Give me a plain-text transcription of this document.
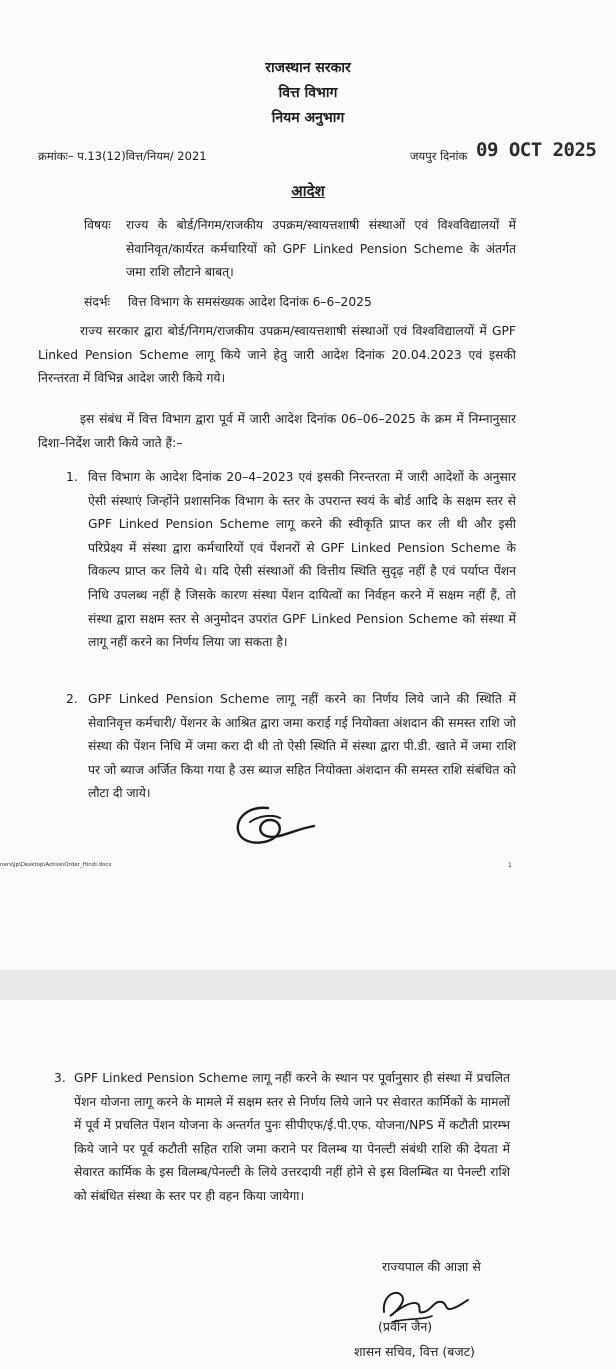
राजस्थान सरकार

वित्त विभाग

नियम अनुभाग

क्रमांकः– प.13(12)वित्त/नियम/ 2021	जयपुर दिनांक 09 OCT 2025

आदेश

विषयः राज्य के बोर्ड/निगम/राजकीय उपक्रम/स्वायत्तशाषी संस्थाओं एवं विश्वविद्यालयों में सेवानिवृत/कार्यरत कर्मचारियों को GPF Linked Pension Scheme के अंतर्गत जमा राशि लौटाने बाबत्।

संदर्भः वित्त विभाग के समसंख्यक आदेश दिनांक 6–6–2025

राज्य सरकार द्वारा बोर्ड/निगम/राजकीय उपक्रम/स्वायत्तशाषी संस्थाओं एवं विश्वविद्यालयों में GPF Linked Pension Scheme लागू किये जाने हेतु जारी आदेश दिनांक 20.04.2023 एवं इसकी निरन्तरता में विभिन्न आदेश जारी किये गये।

इस संबंध में वित्त विभाग द्वारा पूर्व में जारी आदेश दिनांक 06–06–2025 के क्रम में निम्नानुसार दिशा–निर्देश जारी किये जाते हैं:–

1. वित्त विभाग के आदेश दिनांक 20–4–2023 एवं इसकी निरन्तरता में जारी आदेशों के अनुसार ऐसी संस्थाएं जिन्होंने प्रशासनिक विभाग के स्तर के उपरान्त स्वयं के बोर्ड आदि के सक्षम स्तर से GPF Linked Pension Scheme लागू करने की स्वीकृति प्राप्त कर ली थी और इसी परिप्रेक्ष्य में संस्था द्वारा कर्मचारियों एवं पेंशनरों से GPF Linked Pension Scheme के विकल्प प्राप्त कर लिये थे। यदि ऐसी संस्थाओं की वित्तीय स्थिति सुदृढ़ नहीं है एवं पर्याप्त पेंशन निधि उपलब्ध नहीं है जिसके कारण संस्था पेंशन दायित्वों का निर्वहन करने में सक्षम नहीं हैं, तो संस्था द्वारा सक्षम स्तर से अनुमोदन उपरांत GPF Linked Pension Scheme को संस्था में लागू नहीं करने का निर्णय लिया जा सकता है।

2. GPF Linked Pension Scheme लागू नहीं करने का निर्णय लिये जाने की स्थिति में सेवानिवृत्त कर्मचारी/ पेंशनर के आश्रित द्वारा जमा कराई गई नियोक्ता अंशदान की समस्त राशि जो संस्था की पेंशन निधि में जमा करा दी थी तो ऐसी स्थिति में संस्था द्वारा पी.डी. खाते में जमा राशि पर जो ब्याज अर्जित किया गया है उस ब्याज सहित नियोक्ता अंशदान की समस्त राशि संबंधित को लौटा दी जाये।

ners\Jp\Desktop\Active\Order_Hindi.docx	1
3. GPF Linked Pension Scheme लागू नहीं करने के स्थान पर पूर्वानुसार ही संस्था में प्रचलित पेंशन योजना लागू करने के मामले में सक्षम स्तर से निर्णय लिये जाने पर सेवारत कार्मिकों के मामलों में पूर्व में प्रचलित पेंशन योजना के अन्तर्गत पुनः सीपीएफ/ई.पी.एफ. योजना/NPS में कटौती प्रारम्भ किये जाने पर पूर्व कटौती सहित राशि जमा कराने पर विलम्ब या पेनल्टी संबंधी राशि की देयता में सेवारत कार्मिक के इस विलम्ब/पेनल्टी के लिये उत्तरदायी नहीं होने से इस विलम्बित या पेनल्टी राशि को संबंधित संस्था के स्तर पर ही वहन किया जायेगा।

राज्यपाल की आज्ञा से
(प्रवीन जैन)
शासन सचिव, वित्त (बजट)
